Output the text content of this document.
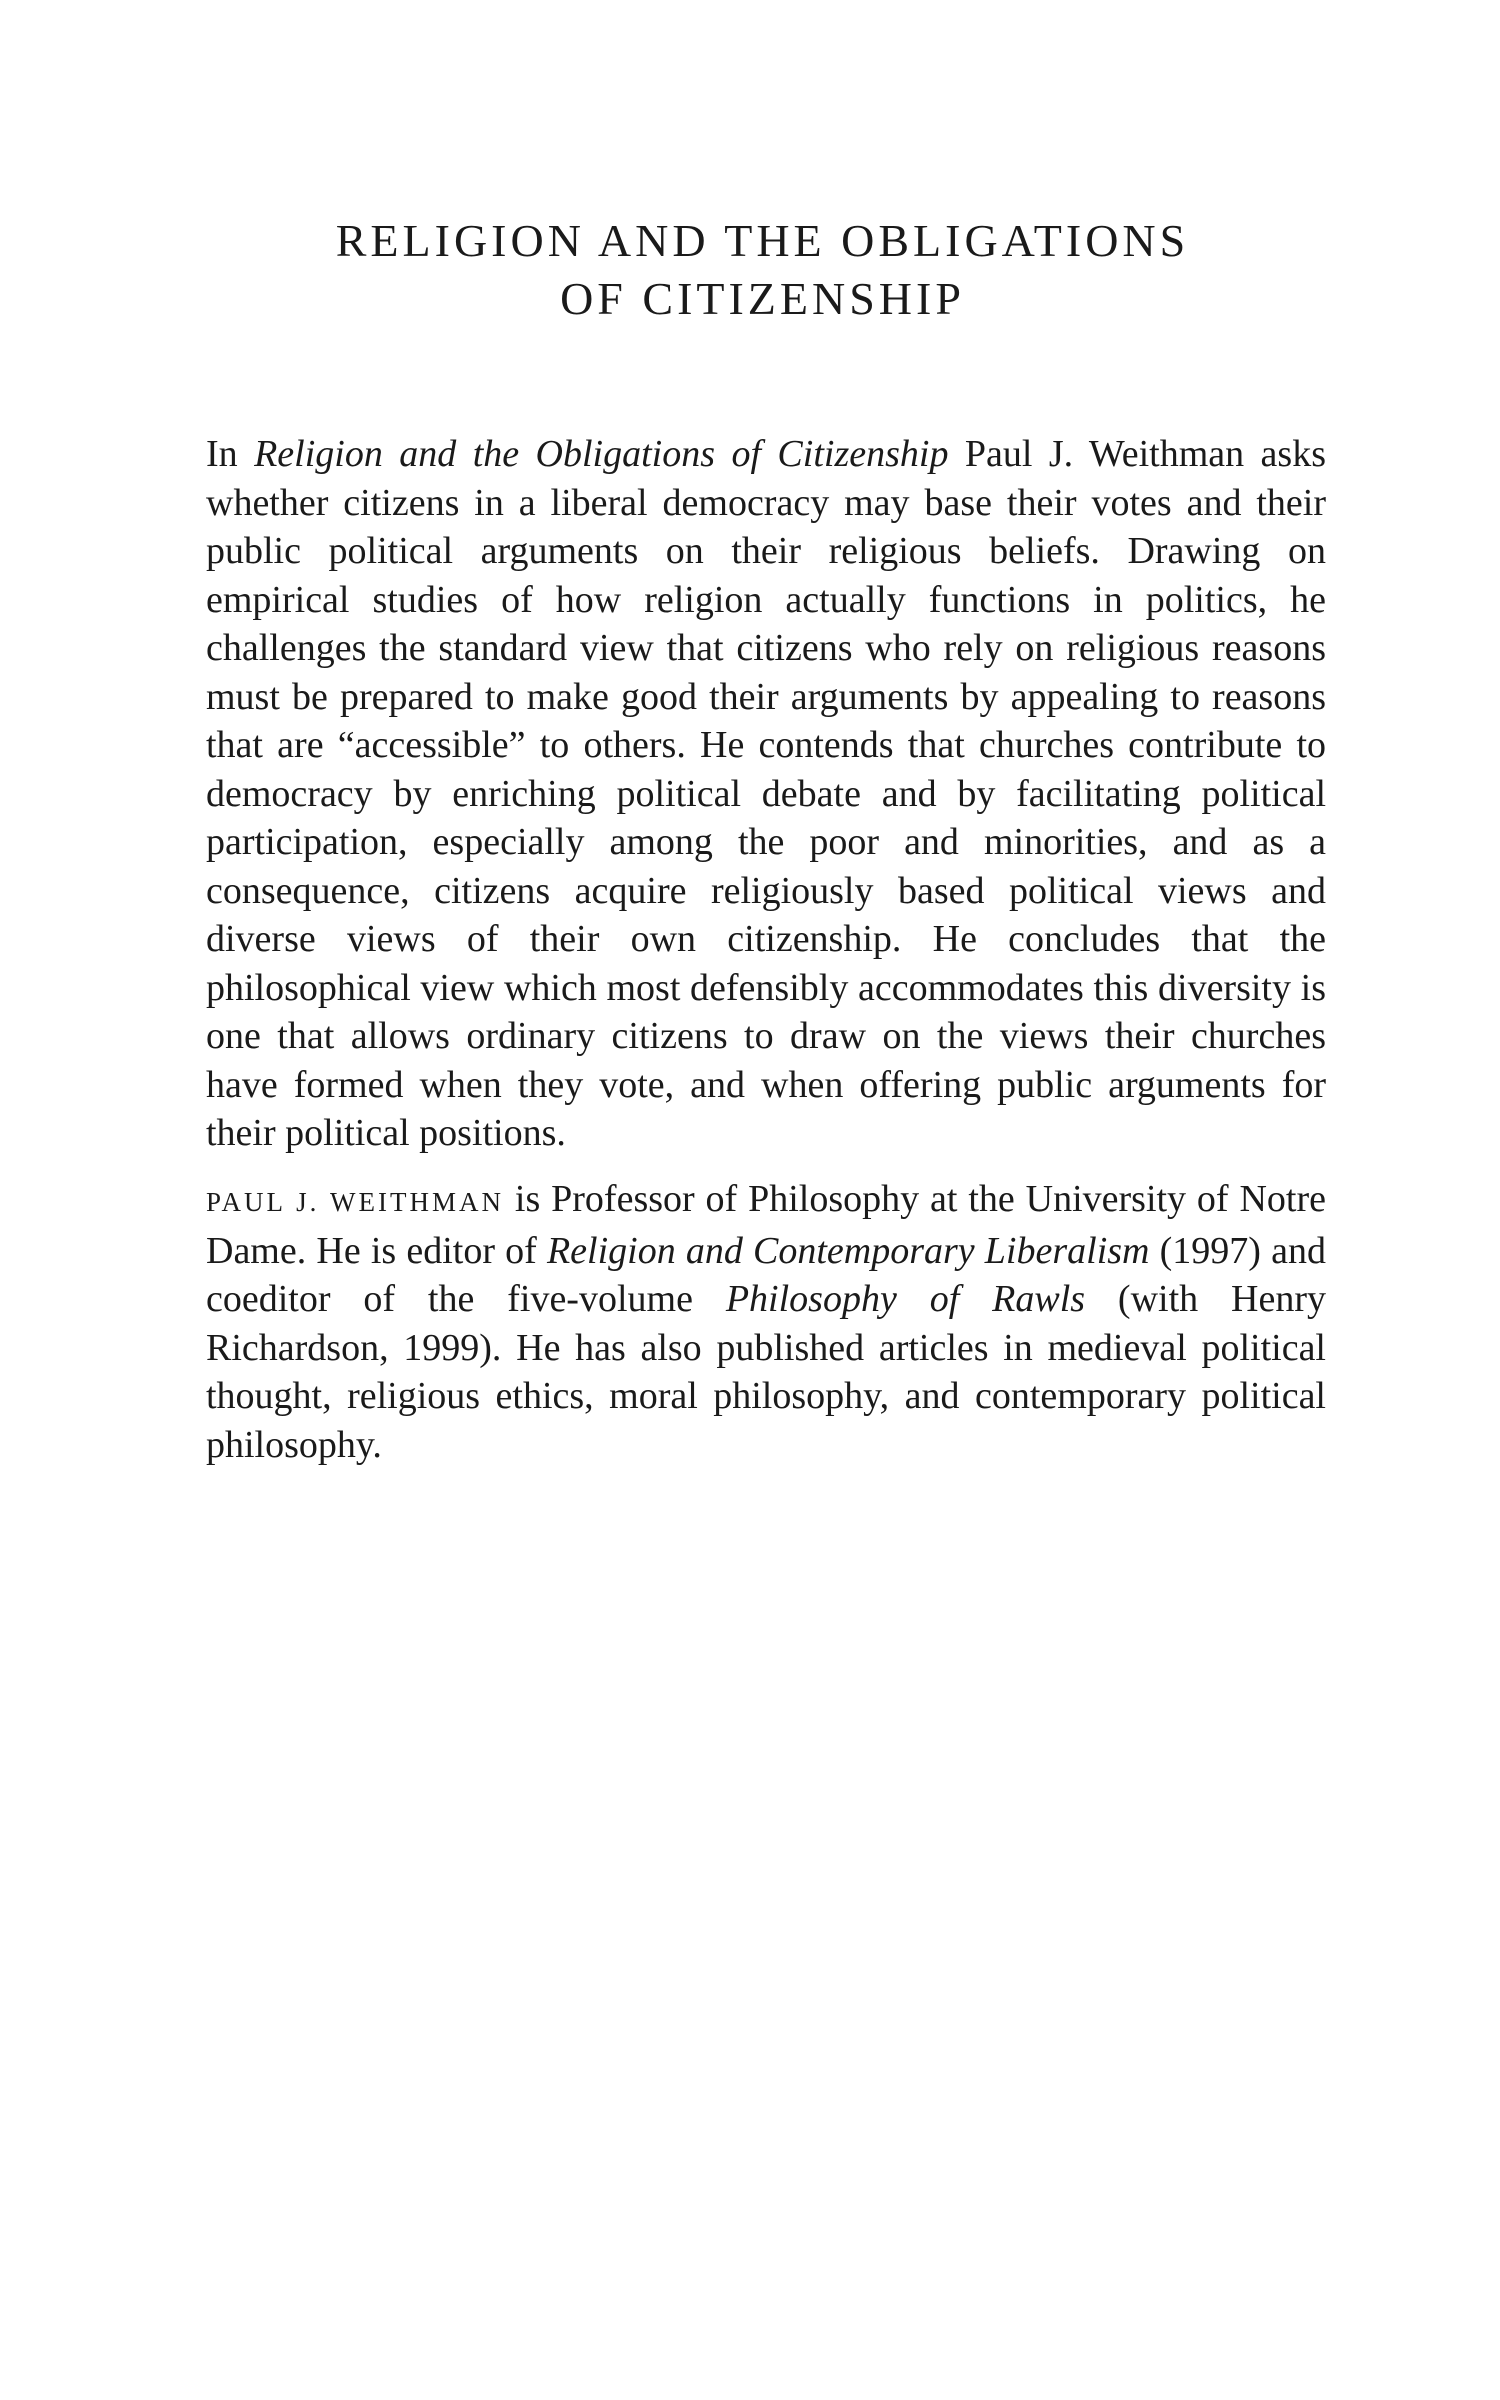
RELIGION AND THE OBLIGATIONS
OF CITIZENSHIP

In Religion and the Obligations of Citizenship Paul J. Weithman asks whether citizens in a liberal democracy may base their votes and their public political arguments on their religious beliefs. Drawing on empirical studies of how religion actually functions in politics, he challenges the standard view that citizens who rely on religious reasons must be prepared to make good their arguments by appealing to reasons that are “accessible” to others. He contends that churches contribute to democracy by enriching political debate and by facilitating political participation, especially among the poor and minorities, and as a consequence, citizens acquire religiously based political views and diverse views of their own citizenship. He concludes that the philosophical view which most defensibly accommodates this diversity is one that allows ordinary citizens to draw on the views their churches have formed when they vote, and when offering public arguments for their political positions.

PAUL J. WEITHMAN is Professor of Philosophy at the University of Notre Dame. He is editor of Religion and Contemporary Liberalism (1997) and coeditor of the five-volume Philosophy of Rawls (with Henry Richardson, 1999). He has also published articles in medieval political thought, religious ethics, moral philosophy, and contemporary political philosophy.
